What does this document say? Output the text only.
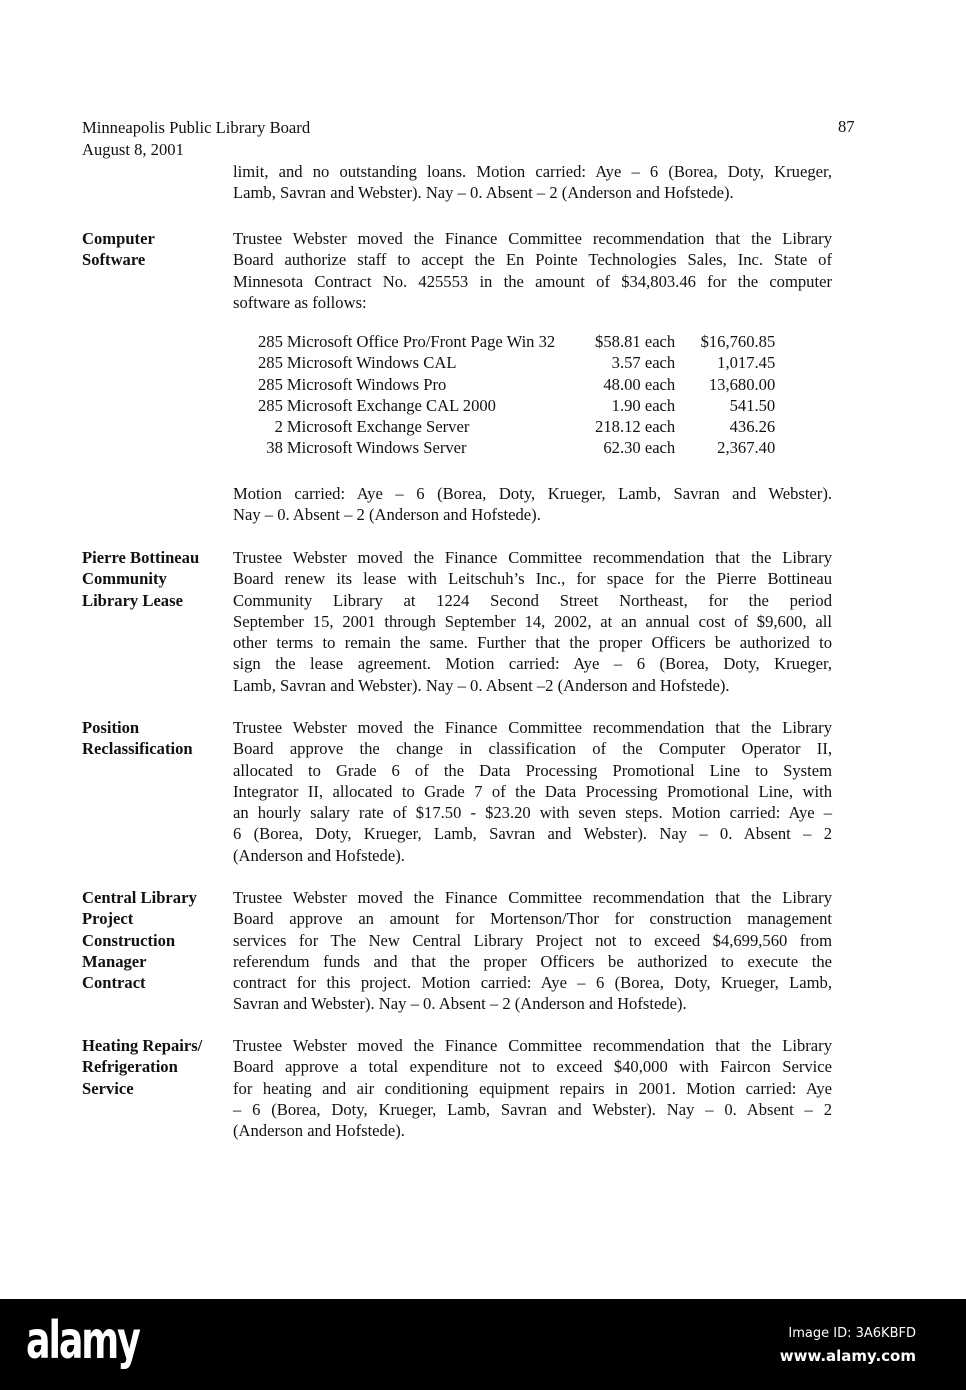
Minneapolis Public Library Board
August 8, 2001
87
limit, and no outstanding loans. Motion carried: Aye – 6 (Borea, Doty, Krueger,
Lamb, Savran and Webster). Nay – 0. Absent – 2 (Anderson and Hofstede).
Computer
Software
Trustee Webster moved the Finance Committee recommendation that the Library
Board authorize staff to accept the En Pointe Technologies Sales, Inc. State of
Minnesota Contract No. 425553 in the amount of $34,803.46 for the computer
software as follows:
285	Microsoft Office Pro/Front Page Win 32	$58.81 each	$16,760.85
285	Microsoft Windows CAL	3.57 each	1,017.45
285	Microsoft Windows Pro	48.00 each	13,680.00
285	Microsoft Exchange CAL 2000	1.90 each	541.50
2	Microsoft Exchange Server	218.12 each	436.26
38	Microsoft Windows Server	62.30 each	2,367.40
Motion carried: Aye – 6 (Borea, Doty, Krueger, Lamb, Savran and Webster).
Nay – 0. Absent – 2 (Anderson and Hofstede).
Pierre Bottineau
Community
Library Lease
Trustee Webster moved the Finance Committee recommendation that the Library
Board renew its lease with Leitschuh’s Inc., for space for the Pierre Bottineau
Community Library at 1224 Second Street Northeast, for the period
September 15, 2001 through September 14, 2002, at an annual cost of $9,600, all
other terms to remain the same. Further that the proper Officers be authorized to
sign the lease agreement. Motion carried: Aye – 6 (Borea, Doty, Krueger,
Lamb, Savran and Webster). Nay – 0. Absent –2 (Anderson and Hofstede).
Position
Reclassification
Trustee Webster moved the Finance Committee recommendation that the Library
Board approve the change in classification of the Computer Operator II,
allocated to Grade 6 of the Data Processing Promotional Line to System
Integrator II, allocated to Grade 7 of the Data Processing Promotional Line, with
an hourly salary rate of $17.50 - $23.20 with seven steps. Motion carried: Aye –
6 (Borea, Doty, Krueger, Lamb, Savran and Webster). Nay – 0. Absent – 2
(Anderson and Hofstede).
Central Library
Project
Construction
Manager
Contract
Trustee Webster moved the Finance Committee recommendation that the Library
Board approve an amount for Mortenson/Thor for construction management
services for The New Central Library Project not to exceed $4,699,560 from
referendum funds and that the proper Officers be authorized to execute the
contract for this project. Motion carried: Aye – 6 (Borea, Doty, Krueger, Lamb,
Savran and Webster). Nay – 0. Absent – 2 (Anderson and Hofstede).
Heating Repairs/
Refrigeration
Service
Trustee Webster moved the Finance Committee recommendation that the Library
Board approve a total expenditure not to exceed $40,000 with Faircon Service
for heating and air conditioning equipment repairs in 2001. Motion carried: Aye
– 6 (Borea, Doty, Krueger, Lamb, Savran and Webster). Nay – 0. Absent – 2
(Anderson and Hofstede).
alamy	Image ID: 3A6KBFD
www.alamy.com
